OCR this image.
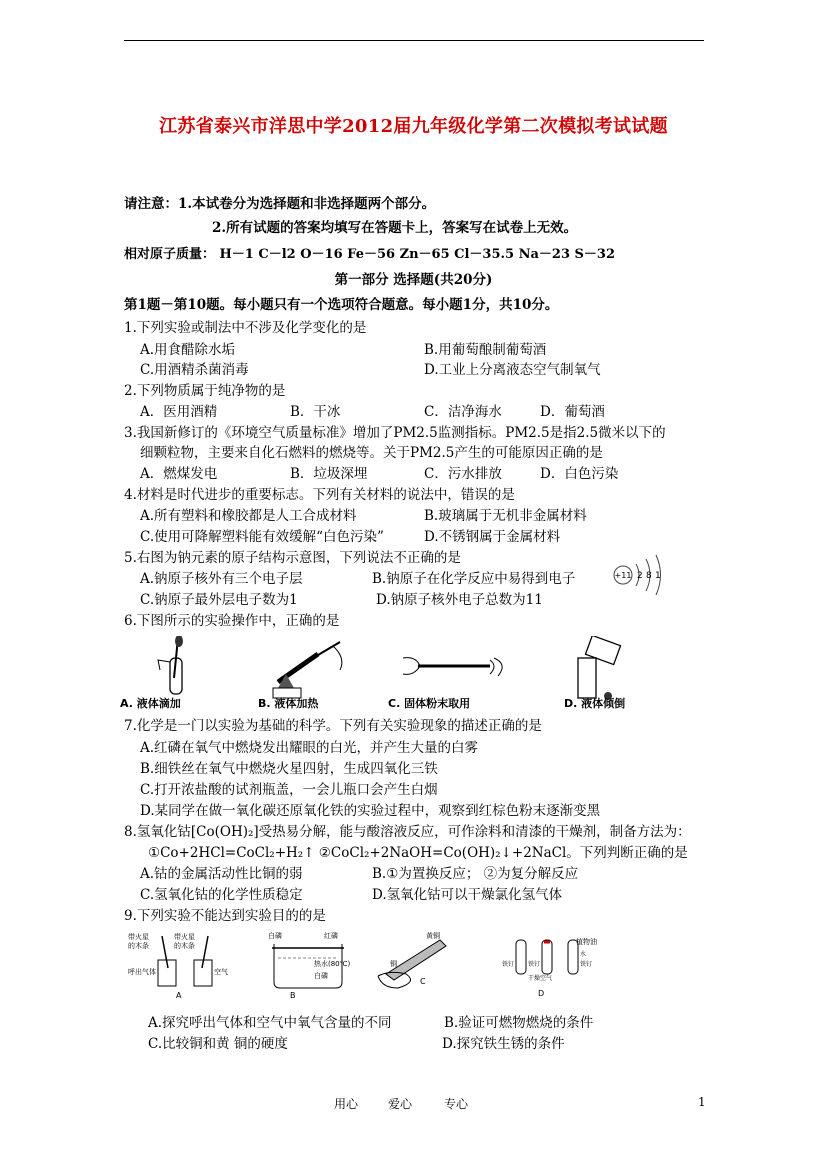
江苏省泰兴市洋思中学2012届九年级化学第二次模拟考试试题
请注意：1.本试卷分为选择题和非选择题两个部分。
2.所有试题的答案均填写在答题卡上，答案写在试卷上无效。
相对原子质量： H－1 C－l2 O－16 Fe－56 Zn－65 Cl－35.5 Na－23 S－32
第一部分 选择题(共20分)
第1题－第10题。每小题只有一个选项符合题意。每小题1分，共10分。
1.下列实验或制法中不涉及化学变化的是
A.用食醋除水垢	B.用葡萄酿制葡萄酒
C.用酒精杀菌消毒	D.工业上分离液态空气制氧气
2.下列物质属于纯净物的是
A．医用酒精	B．干冰	C．洁净海水	D．葡萄酒
3.我国新修订的《环境空气质量标准》增加了PM2.5监测指标。PM2.5是指2.5微米以下的
细颗粒物，主要来自化石燃料的燃烧等。关于PM2.5产生的可能原因正确的是
A．燃煤发电	B．垃圾深埋	C．污水排放	D．白色污染
4.材料是时代进步的重要标志。下列有关材料的说法中，错误的是
A.所有塑料和橡胶都是人工合成材料	B.玻璃属于无机非金属材料
C.使用可降解塑料能有效缓解“白色污染”	D.不锈钢属于金属材料
5.右图为钠元素的原子结构示意图，下列说法不正确的是
A.钠原子核外有三个电子层	B.钠原子在化学反应中易得到电子
C.钠原子最外层电子数为1	D.钠原子核外电子总数为11
+11 2 8 1
6.下图所示的实验操作中，正确的是
A. 液体滴加	B. 液体加热	C. 固体粉末取用	D. 液体倾倒
7.化学是一门以实验为基础的科学。下列有关实验现象的描述正确的是
A.红磷在氧气中燃烧发出耀眼的白光，并产生大量的白雾
B.细铁丝在氧气中燃烧火星四射，生成四氧化三铁
C.打开浓盐酸的试剂瓶盖，一会儿瓶口会产生白烟
D.某同学在做一氧化碳还原氧化铁的实验过程中，观察到红棕色粉末逐渐变黑
8.氢氧化钴[Co(OH)₂]受热易分解，能与酸溶液反应，可作涂料和清漆的干燥剂，制备方法为：
①Co+2HCl=CoCl₂+H₂↑ ②CoCl₂+2NaOH=Co(OH)₂↓+2NaCl。下列判断正确的是
A.钴的金属活动性比铜的弱	B.①为置换反应； ②为复分解反应
C.氢氧化钴的化学性质稳定	D.氢氧化钴可以干燥氯化氢气体
9.下列实验不能达到实验目的的是
带火星
的木条
带火星
的木条
呼出气体	空气
A
白磷	红磷
热水(80℃)
白磷
B
黄铜
铜
C
植物油
铁钉 铁钉	铁钉
干燥空气
水
D
A.探究呼出气体和空气中氧气含量的不同	B.验证可燃物燃烧的条件
C.比较铜和黄 铜的硬度	D.探究铁生锈的条件
用心 爱心	专心	1
